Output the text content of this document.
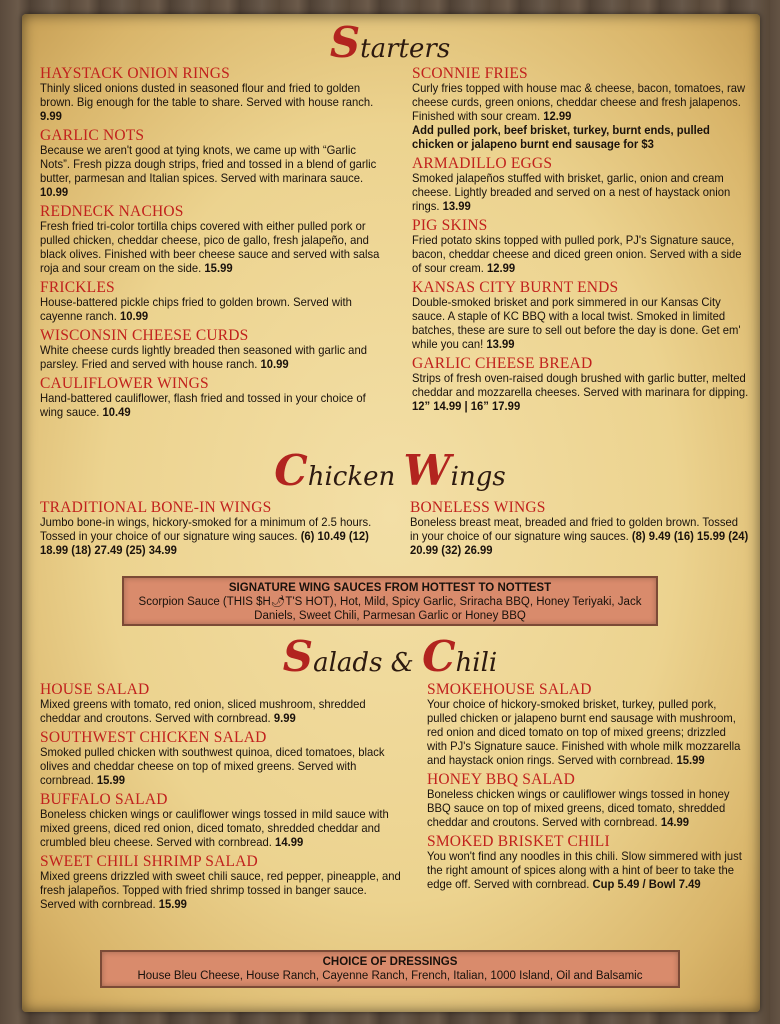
Starters
HAYSTACK ONION RINGS
Thinly sliced onions dusted in seasoned flour and fried to golden brown. Big enough for the table to share. Served with house ranch. 9.99
GARLIC NOTS
Because we aren't good at tying knots, we came up with “Garlic Nots”. Fresh pizza dough strips, fried and tossed in a blend of garlic butter, parmesan and Italian spices. Served with marinara sauce. 10.99
REDNECK NACHOS
Fresh fried tri-color tortilla chips covered with either pulled pork or pulled chicken, cheddar cheese, pico de gallo, fresh jalapeño, and black olives. Finished with beer cheese sauce and served with salsa roja and sour cream on the side. 15.99
FRICKLES
House-battered pickle chips fried to golden brown. Served with cayenne ranch. 10.99
WISCONSIN CHEESE CURDS
White cheese curds lightly breaded then seasoned with garlic and parsley. Fried and served with house ranch. 10.99
CAULIFLOWER WINGS
Hand-battered cauliflower, flash fried and tossed in your choice of wing sauce. 10.49
SCONNIE FRIES
Curly fries topped with house mac & cheese, bacon, tomatoes, raw cheese curds, green onions, cheddar cheese and fresh jalapenos. Finished with sour cream. 12.99
Add pulled pork, beef brisket, turkey, burnt ends, pulled chicken or jalapeno burnt end sausage for $3
ARMADILLO EGGS
Smoked jalapeños stuffed with brisket, garlic, onion and cream cheese. Lightly breaded and served on a nest of haystack onion rings. 13.99
PIG SKINS
Fried potato skins topped with pulled pork, PJ's Signature sauce, bacon, cheddar cheese and diced green onion. Served with a side of sour cream. 12.99
KANSAS CITY BURNT ENDS
Double-smoked brisket and pork simmered in our Kansas City sauce. A staple of KC BBQ with a local twist. Smoked in limited batches, these are sure to sell out before the day is done. Get em' while you can! 13.99
GARLIC CHEESE BREAD
Strips of fresh oven-raised dough brushed with garlic butter, melted cheddar and mozzarella cheeses. Served with marinara for dipping. 12” 14.99 | 16” 17.99
Chicken Wings
TRADITIONAL BONE-IN WINGS
Jumbo bone-in wings, hickory-smoked for a minimum of 2.5 hours. Tossed in your choice of our signature wing sauces. (6) 10.49 (12) 18.99 (18) 27.49 (25) 34.99
BONELESS WINGS
Boneless breast meat, breaded and fried to golden brown. Tossed in your choice of our signature wing sauces. (8) 9.49 (16) 15.99 (24) 20.99 (32) 26.99
SIGNATURE WING SAUCES FROM HOTTEST TO NOTTEST
Scorpion Sauce (THIS $H🌶T'S HOT), Hot, Mild, Spicy Garlic, Sriracha BBQ, Honey Teriyaki, Jack Daniels, Sweet Chili, Parmesan Garlic or Honey BBQ
Salads & Chili
HOUSE SALAD
Mixed greens with tomato, red onion, sliced mushroom, shredded cheddar and croutons. Served with cornbread. 9.99
SOUTHWEST CHICKEN SALAD
Smoked pulled chicken with southwest quinoa, diced tomatoes, black olives and cheddar cheese on top of mixed greens. Served with cornbread. 15.99
BUFFALO SALAD
Boneless chicken wings or cauliflower wings tossed in mild sauce with mixed greens, diced red onion, diced tomato, shredded cheddar and crumbled bleu cheese. Served with cornbread. 14.99
SWEET CHILI SHRIMP SALAD
Mixed greens drizzled with sweet chili sauce, red pepper, pineapple, and fresh jalapeños. Topped with fried shrimp tossed in banger sauce. Served with cornbread. 15.99
SMOKEHOUSE SALAD
Your choice of hickory-smoked brisket, turkey, pulled pork, pulled chicken or jalapeno burnt end sausage with mushroom, red onion and diced tomato on top of mixed greens; drizzled with PJ's Signature sauce. Finished with whole milk mozzarella and haystack onion rings. Served with cornbread. 15.99
HONEY BBQ SALAD
Boneless chicken wings or cauliflower wings tossed in honey BBQ sauce on top of mixed greens, diced tomato, shredded cheddar and croutons. Served with cornbread. 14.99
SMOKED BRISKET CHILI
You won't find any noodles in this chili. Slow simmered with just the right amount of spices along with a hint of beer to take the edge off. Served with cornbread. Cup 5.49 / Bowl 7.49
CHOICE OF DRESSINGS
House Bleu Cheese, House Ranch, Cayenne Ranch, French, Italian, 1000 Island, Oil and Balsamic
